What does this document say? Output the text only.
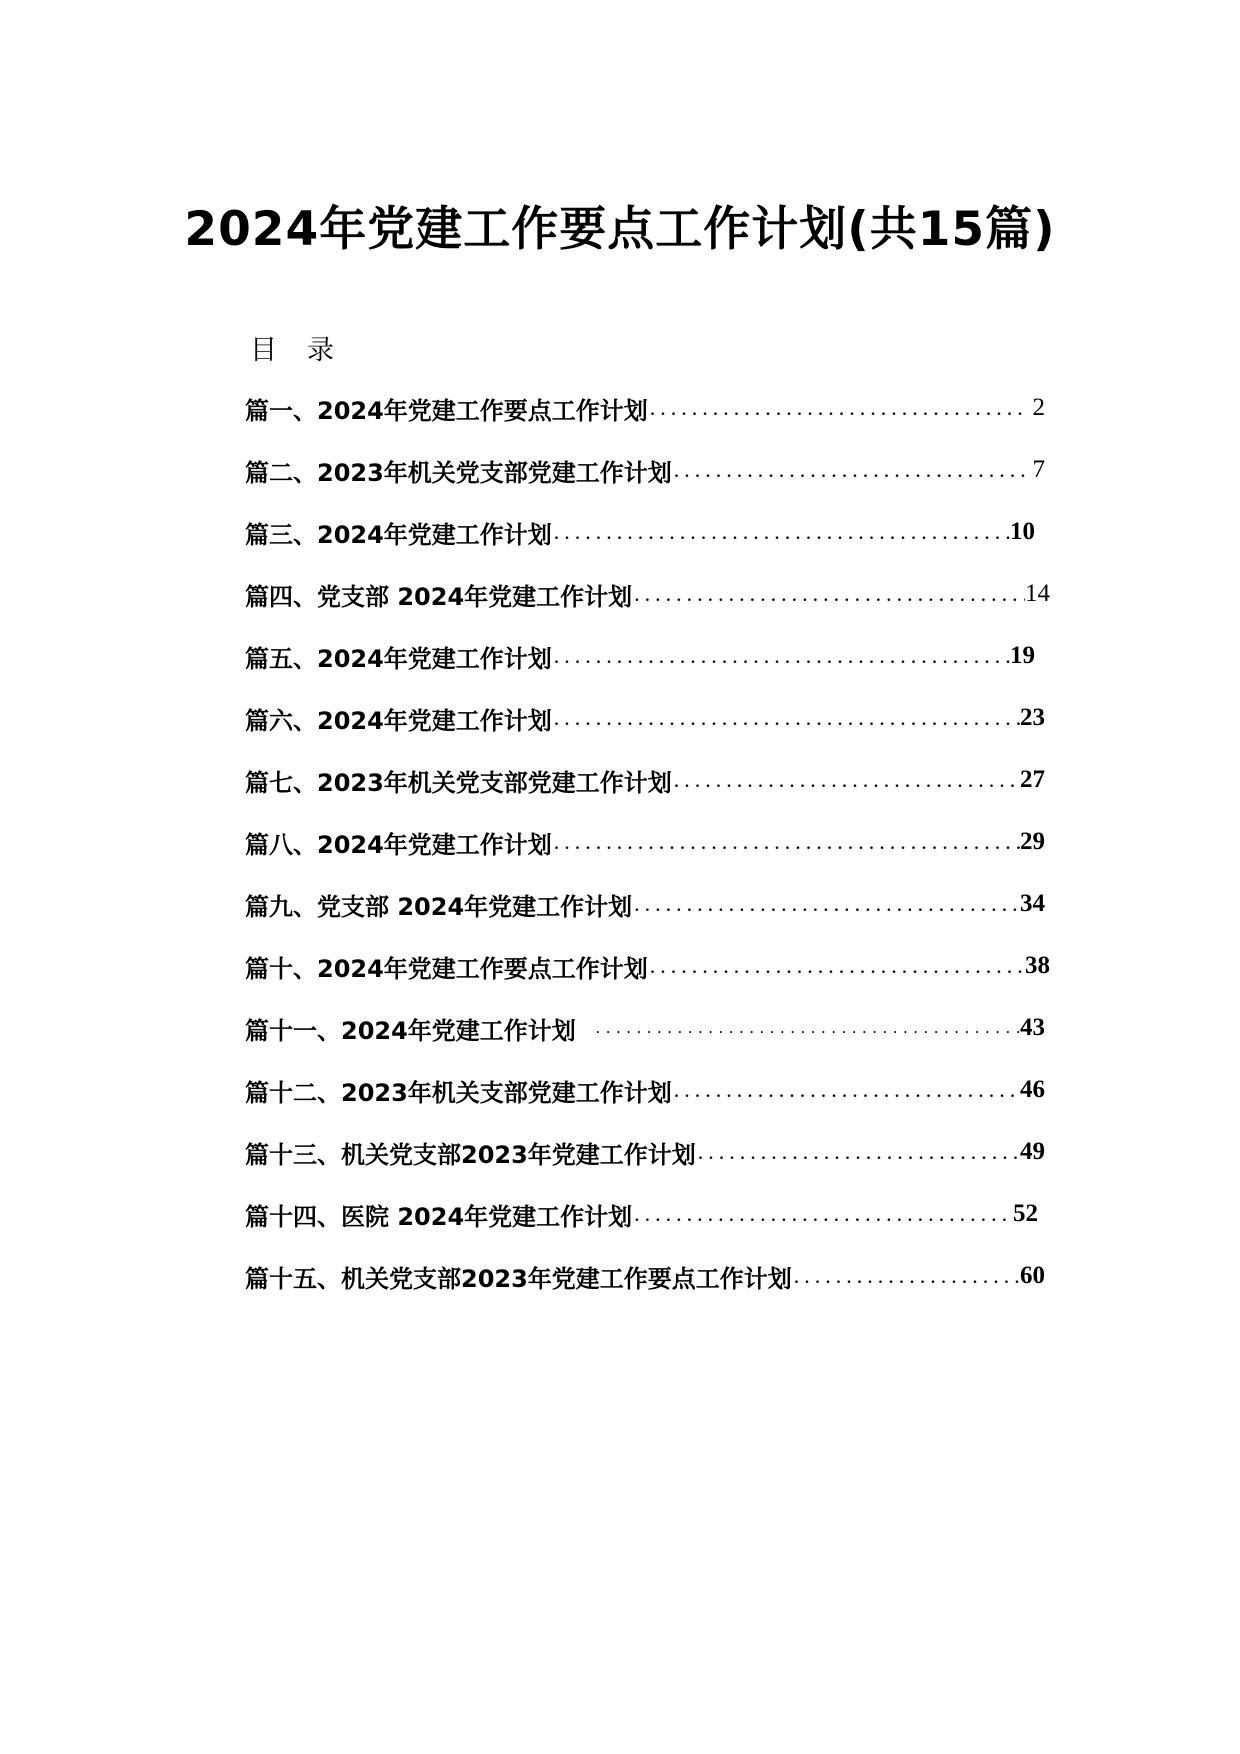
2024年党建工作要点工作计划(共15篇)
目录
篇一、 2024年党建工作要点工作计划 .....	2
篇二、 2023年机关党支部党建工作计划 .....	7
篇三、 2024年党建工作计划 .....	10
篇四、 党支部 2024年党建工作计划 .....	14
篇五、 2024年党建工作计划 .....	19
篇六、 2024年党建工作计划 .....	23
篇七、 2023年机关党支部党建工作计划 .....	27
篇八、 2024年党建工作计划 .....	29
篇九、 党支部 2024年党建工作计划 .....	34
篇十、 2024年党建工作要点工作计划 .....	38
篇十一、 2024年党建工作计划 .....	43
篇十二、 2023年机关支部党建工作计划 .....	46
篇十三、 机关党支部2023年党建工作计划 .....	49
篇十四、 医院 2024年党建工作计划 .....	52
篇十五、 机关党支部2023年党建工作要点工作计划 .....	60
